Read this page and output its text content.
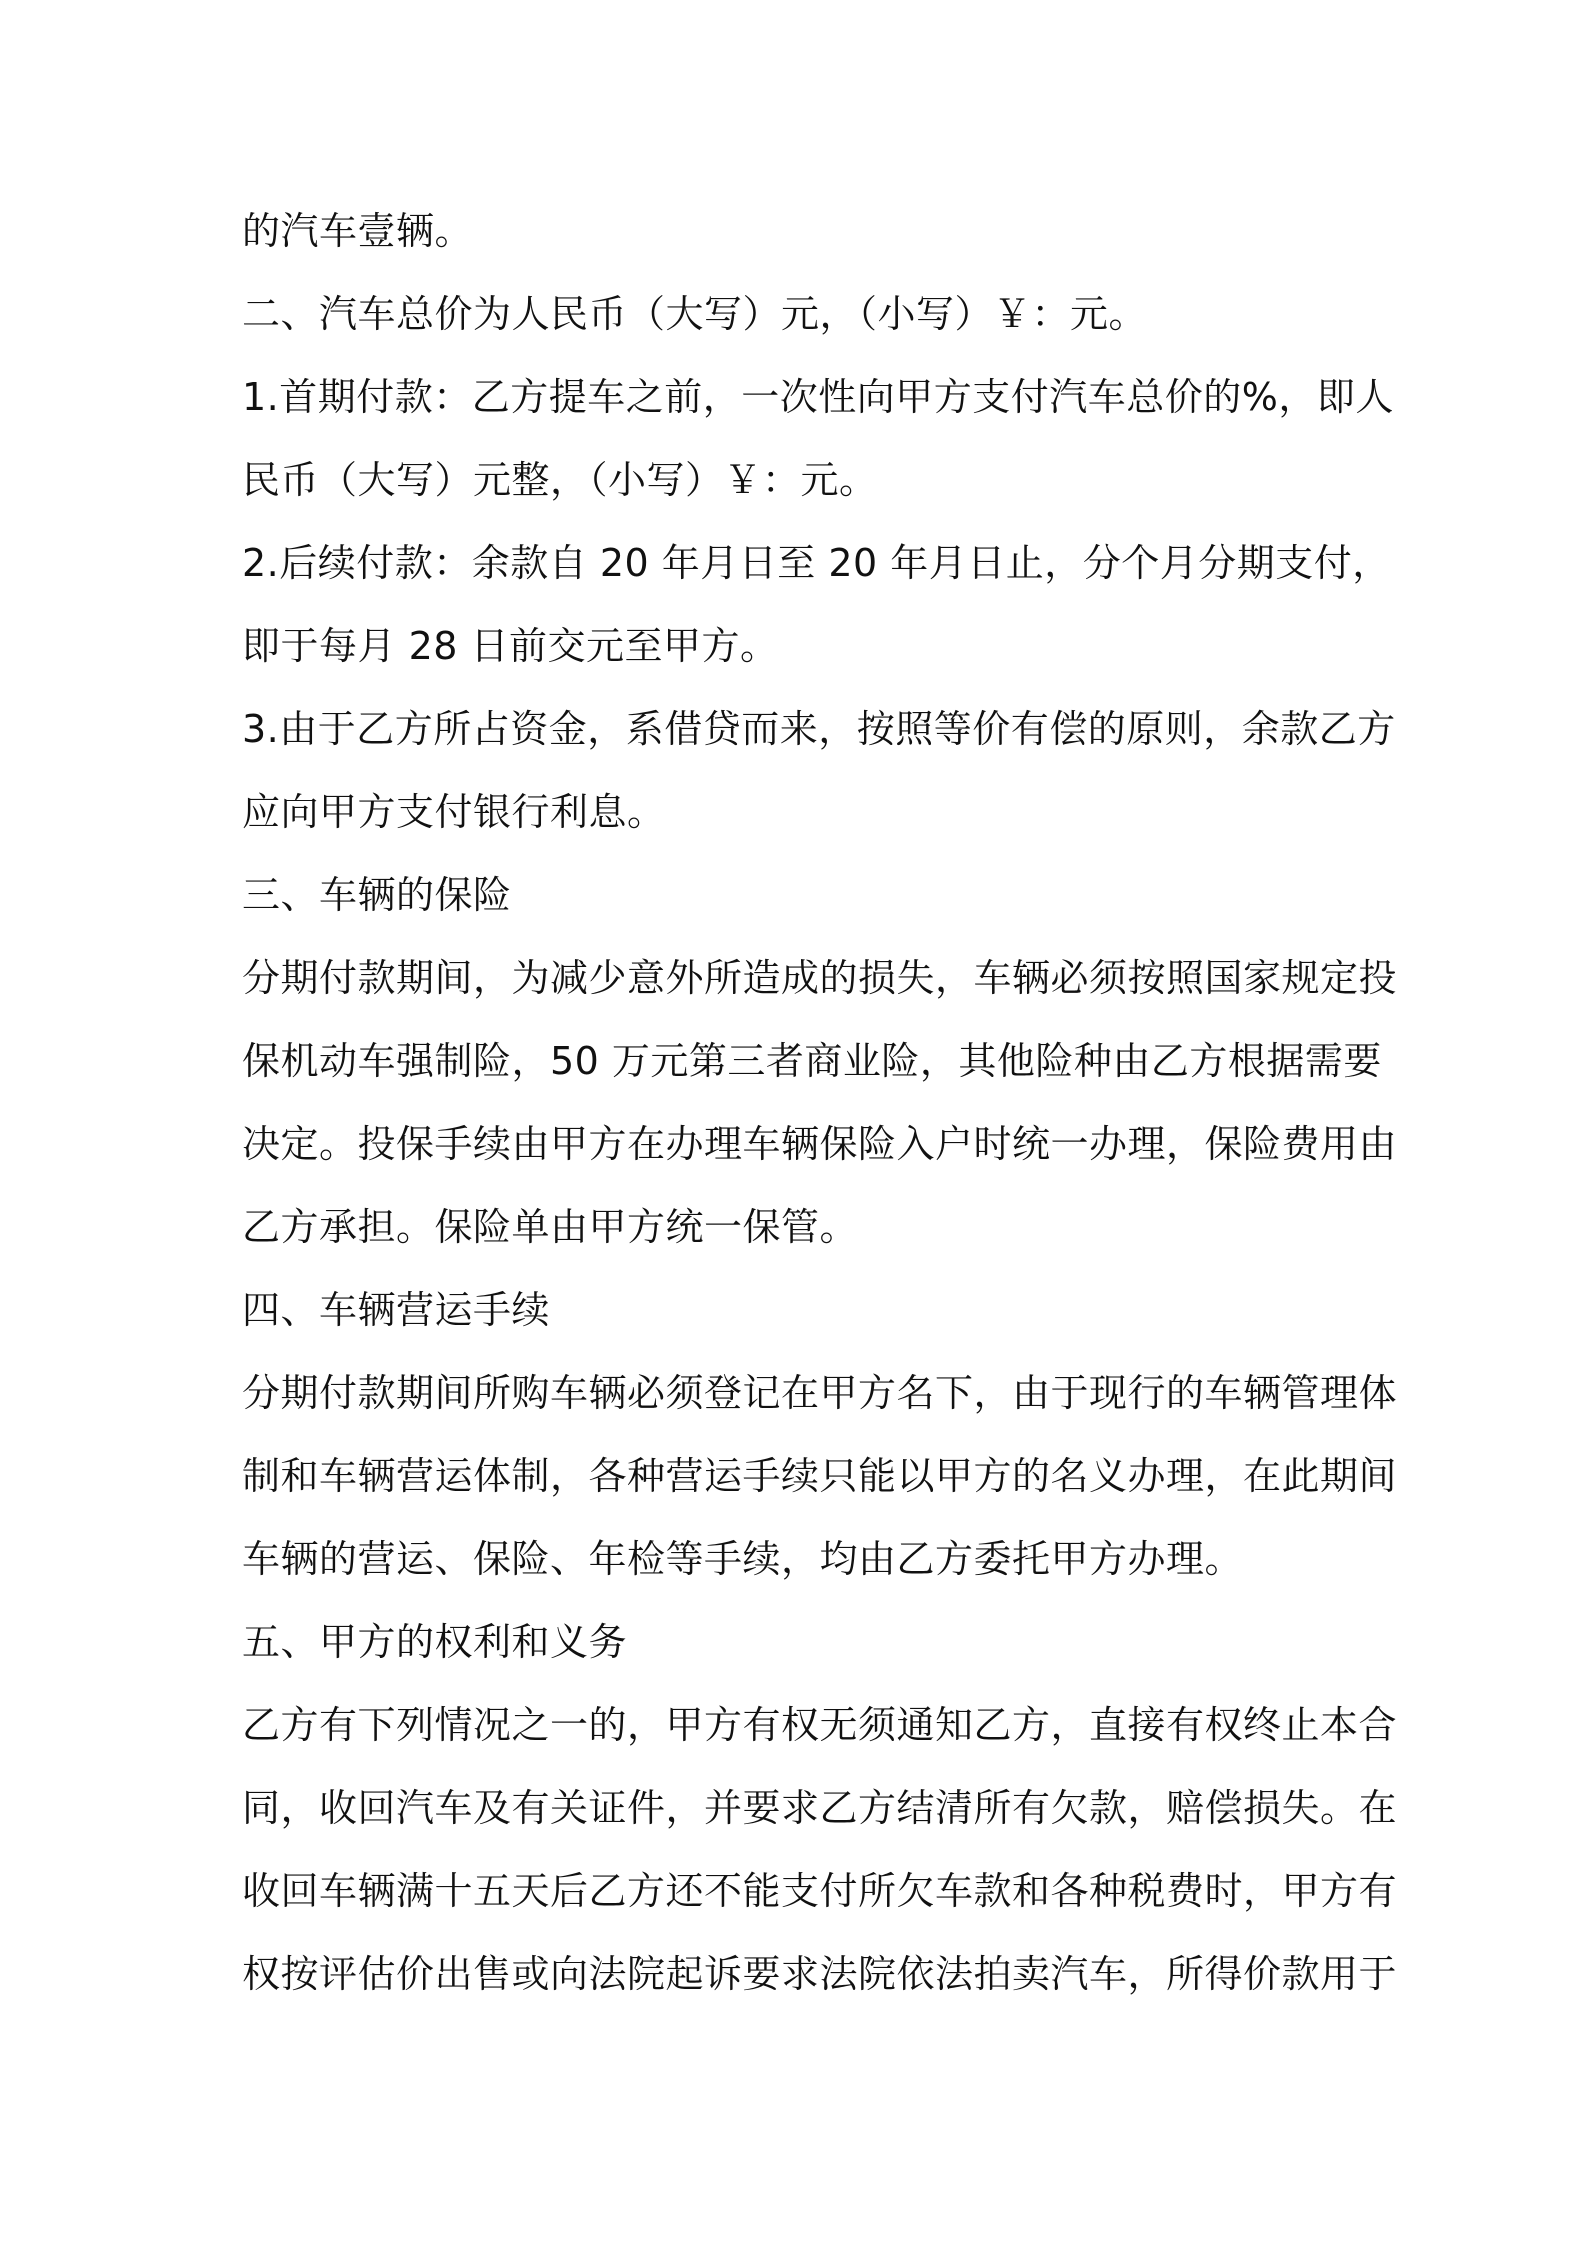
的汽车壹辆。
二、汽车总价为人民币（大写）元，（小写）￥：元。
1.首期付款：乙方提车之前，一次性向甲方支付汽车总价的%，即人
民币（大写）元整，（小写）￥：元。
2.后续付款：余款自 20 年月日至 20 年月日止，分个月分期支付，
即于每月 28 日前交元至甲方。
3.由于乙方所占资金，系借贷而来，按照等价有偿的原则，余款乙方
应向甲方支付银行利息。
三、车辆的保险
分期付款期间，为减少意外所造成的损失，车辆必须按照国家规定投
保机动车强制险，50 万元第三者商业险，其他险种由乙方根据需要
决定。投保手续由甲方在办理车辆保险入户时统一办理，保险费用由
乙方承担。保险单由甲方统一保管。
四、车辆营运手续
分期付款期间所购车辆必须登记在甲方名下，由于现行的车辆管理体
制和车辆营运体制，各种营运手续只能以甲方的名义办理，在此期间
车辆的营运、保险、年检等手续，均由乙方委托甲方办理。
五、甲方的权利和义务
乙方有下列情况之一的，甲方有权无须通知乙方，直接有权终止本合
同，收回汽车及有关证件，并要求乙方结清所有欠款，赔偿损失。在
收回车辆满十五天后乙方还不能支付所欠车款和各种税费时，甲方有
权按评估价出售或向法院起诉要求法院依法拍卖汽车，所得价款用于
